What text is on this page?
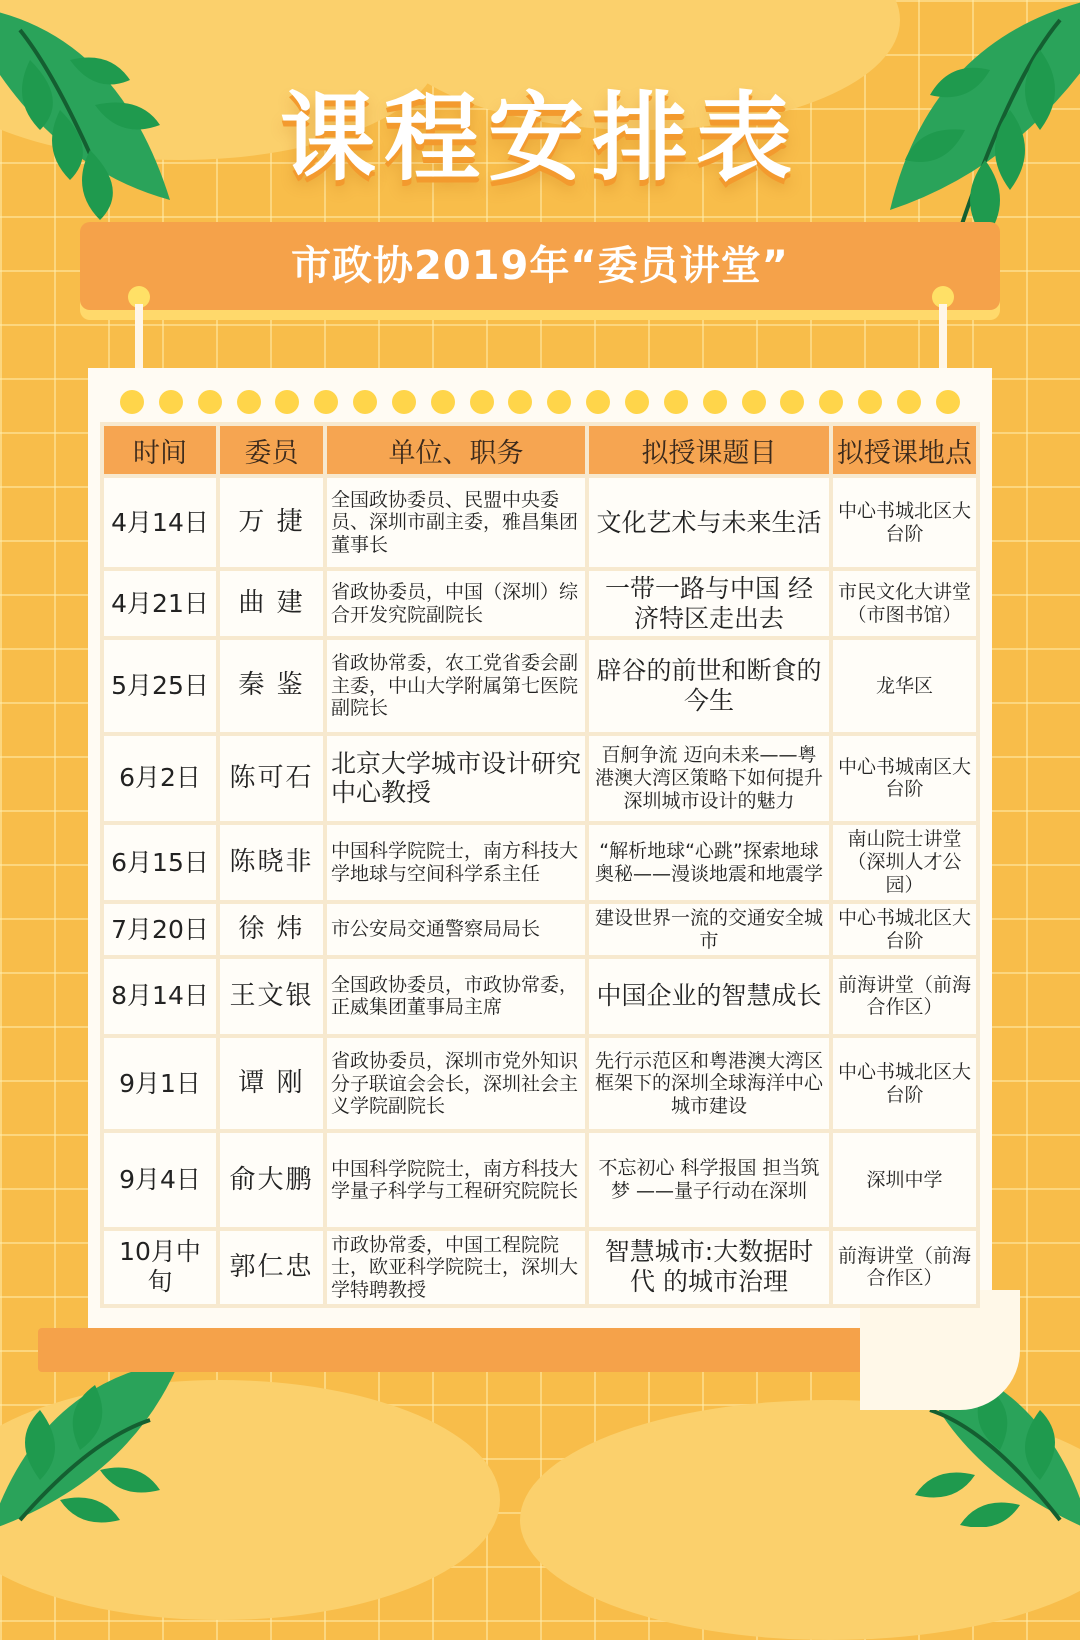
课程安排表
市政协2019年“委员讲堂”
时间	委员	单位、职务	拟授课题目	拟授课地点
4月14日	万 捷	全国政协委员、民盟中央委员、深圳市副主委，雅昌集团董事长	文化艺术与未来生活	中心书城北区大台阶
4月21日	曲 建	省政协委员，中国（深圳）综合开发究院副院长	一带一路与中国 经济特区走出去	市民文化大讲堂（市图书馆）
5月25日	秦 鉴	省政协常委，农工党省委会副主委，中山大学附属第七医院副院长	辟谷的前世和断食的今生	龙华区
6月2日	陈可石	北京大学城市设计研究中心教授	百舸争流 迈向未来——粤港澳大湾区策略下如何提升深圳城市设计的魅力	中心书城南区大台阶
6月15日	陈晓非	中国科学院院士，南方科技大学地球与空间科学系主任	“解析地球“心跳”探索地球奥秘——漫谈地震和地震学	南山院士讲堂（深圳人才公园）
7月20日	徐 炜	市公安局交通警察局局长	建设世界一流的交通安全城市	中心书城北区大台阶
8月14日	王文银	全国政协委员，市政协常委，正威集团董事局主席	中国企业的智慧成长	前海讲堂（前海合作区）
9月1日	谭 刚	省政协委员，深圳市党外知识分子联谊会会长，深圳社会主义学院副院长	先行示范区和粤港澳大湾区框架下的深圳全球海洋中心城市建设	中心书城北区大台阶
9月4日	俞大鹏	中国科学院院士，南方科技大学量子科学与工程研究院院长	不忘初心 科学报国 担当筑梦 ——量子行动在深圳	深圳中学
10月中旬	郭仁忠	市政协常委，中国工程院院士，欧亚科学院院士，深圳大学特聘教授	智慧城市:大数据时代 的城市治理	前海讲堂（前海合作区）
